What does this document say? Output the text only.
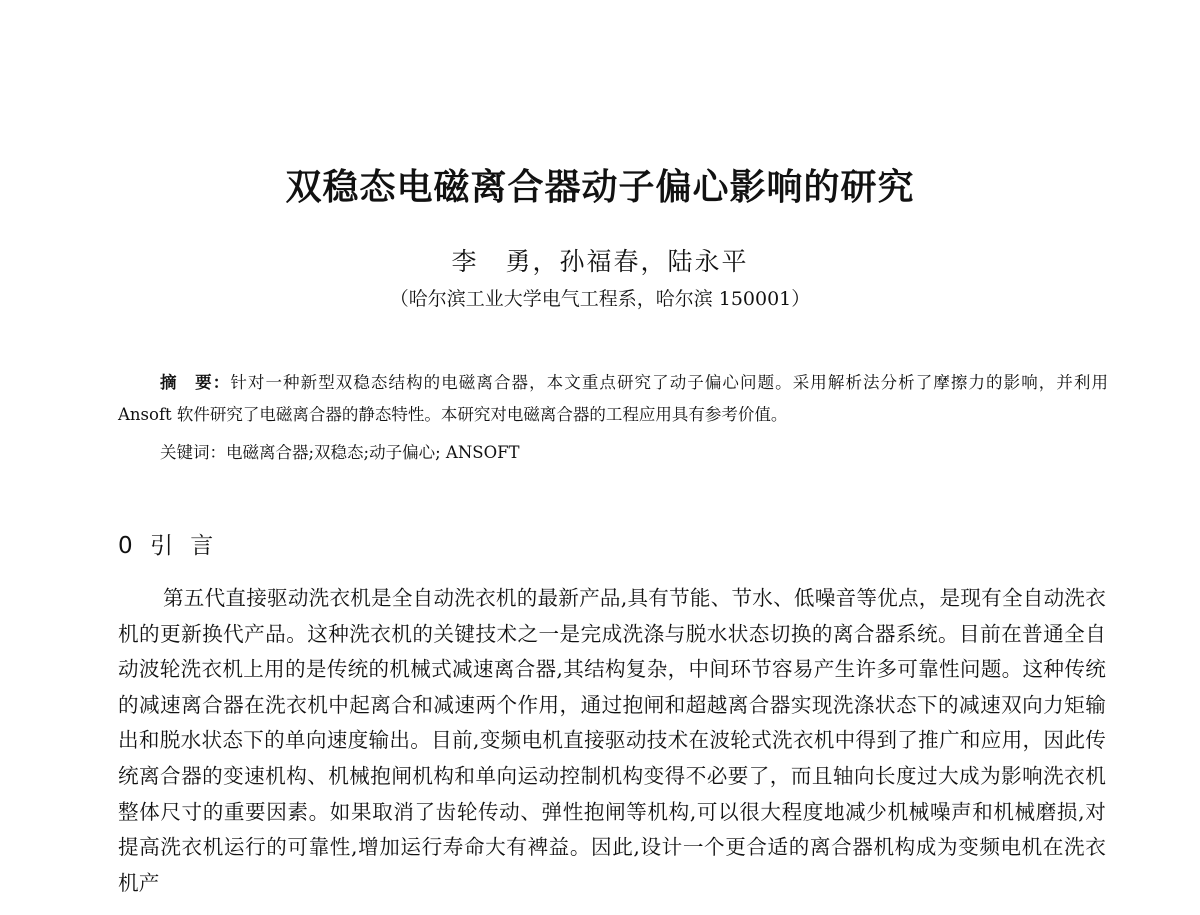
双稳态电磁离合器动子偏心影响的研究
李　勇，孙福春，陆永平
（哈尔滨工业大学电气工程系，哈尔滨 150001）

摘　要：针对一种新型双稳态结构的电磁离合器，本文重点研究了动子偏心问题。采用解析法分析了摩擦力的影响，并利用 Ansoft 软件研究了电磁离合器的静态特性。本研究对电磁离合器的工程应用具有参考价值。

关键词：电磁离合器;双稳态;动子偏心; ANSOFT

0 引 言

第五代直接驱动洗衣机是全自动洗衣机的最新产品,具有节能、节水、低噪音等优点，是现有全自动洗衣机的更新换代产品。这种洗衣机的关键技术之一是完成洗涤与脱水状态切换的离合器系统。目前在普通全自动波轮洗衣机上用的是传统的机械式减速离合器,其结构复杂，中间环节容易产生许多可靠性问题。这种传统的减速离合器在洗衣机中起离合和减速两个作用，通过抱闸和超越离合器实现洗涤状态下的减速双向力矩输出和脱水状态下的单向速度输出。目前,变频电机直接驱动技术在波轮式洗衣机中得到了推广和应用，因此传统离合器的变速机构、机械抱闸机构和单向运动控制机构变得不必要了，而且轴向长度过大成为影响洗衣机整体尺寸的重要因素。如果取消了齿轮传动、弹性抱闸等机构,可以很大程度地减少机械噪声和机械磨损,对提高洗衣机运行的可靠性,增加运行寿命大有裨益。因此,设计一个更合适的离合器机构成为变频电机在洗衣机产
